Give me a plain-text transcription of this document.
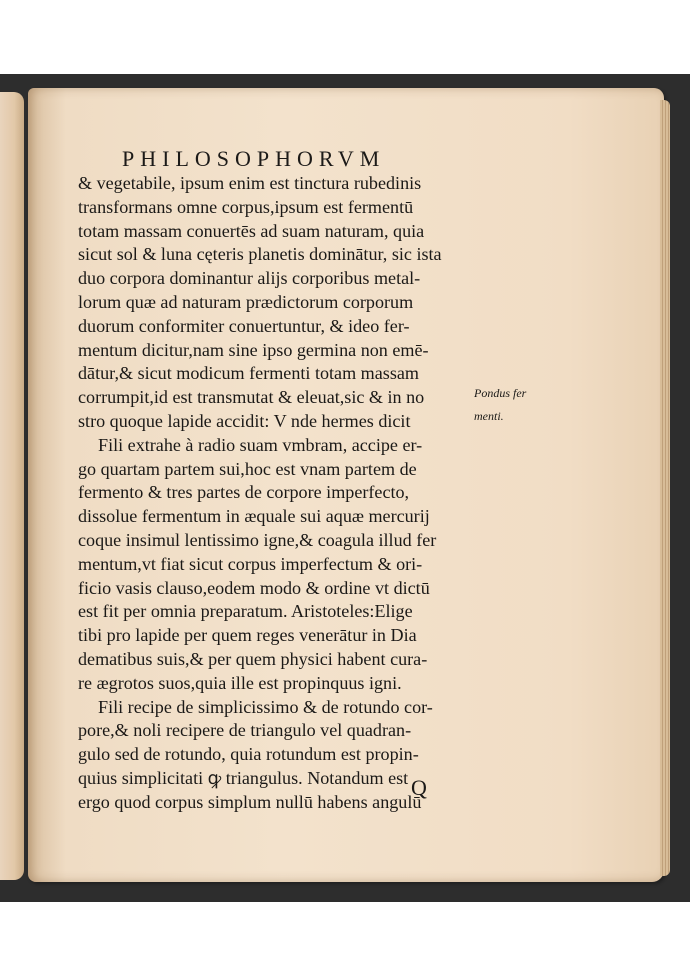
PHILOSOPHORVM
& vegetabile, ipsum enim est tinctura rubedinis
transformans omne corpus,ipsum est fermentū
totam massam conuertēs ad suam naturam, quia
sicut sol & luna cęteris planetis dominātur, sic ista
duo corpora dominantur alijs corporibus metal-
lorum quæ ad naturam prædictorum corporum
duorum conformiter conuertuntur, & ideo fer-
mentum dicitur,nam sine ipso germina non emē-
dātur,& sicut modicum fermenti totam massam
corrumpit,id est transmutat & eleuat,sic & in no
stro quoque lapide accidit: V nde hermes dicit
Fili extrahe à radio suam vmbram, accipe er-
go quartam partem sui,hoc est vnam partem de
fermento & tres partes de corpore imperfecto,
dissolue fermentum in æquale sui aquæ mercurij
coque insimul lentissimo igne,& coagula illud fer
mentum,vt fiat sicut corpus imperfectum & ori-
ficio vasis clauso,eodem modo & ordine vt dictū
est fit per omnia preparatum. Aristoteles:Elige
tibi pro lapide per quem reges venerātur in Dia
dematibus suis,& per quem physici habent cura-
re ægrotos suos,quia ille est propinquus igni.
Fili recipe de simplicissimo & de rotundo cor-
pore,& noli recipere de triangulo vel quadran-
gulo sed de rotundo, quia rotundum est propin-
quius simplicitati ꝙ triangulus. Notandum est
ergo quod corpus simplum nullū habens angulū
Pondus fer
menti.
Q
